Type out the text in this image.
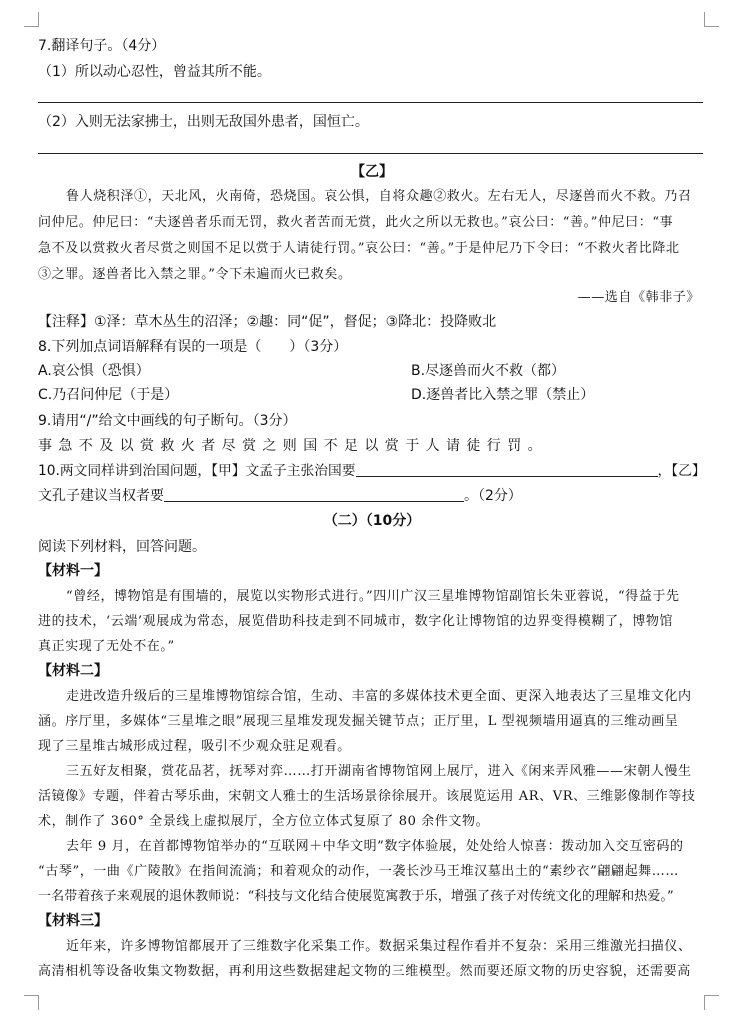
7.翻译句子。（4分）
（1）所以动心忍性，曾益其所不能。
（2）入则无法家拂士，出则无敌国外患者，国恒亡。
【乙】
鲁人烧积泽①，天北风，火南倚，恐烧国。哀公惧，自将众趣②救火。左右无人，尽逐兽而火不救。乃召
问仲尼。仲尼曰：“夫逐兽者乐而无罚，救火者苦而无赏，此火之所以无救也。”哀公曰：“善。”仲尼曰：“事
急不及以赏救火者尽赏之则国不足以赏于人请徒行罚。”哀公曰：“善。”于是仲尼乃下令曰：“不救火者比降北
③之罪。逐兽者比入禁之罪。”令下未遍而火已救矣。
——选自《韩非子》
【注释】①泽：草木丛生的沼泽；②趣：同“促”，督促；③降北：投降败北
8.下列加点词语解释有误的一项是（　　）（3分）
A.哀公惧（恐惧）	B.尽逐兽而火不救（都）
C.乃召问仲尼（于是）	D.逐兽者比入禁之罪（禁止）
9.请用“/”给文中画线的句子断句。（3分）
事急不及以赏救火者尽赏之则国不足以赏于人请徒行罚。
10.两文同样讲到治国问题，【甲】文孟子主张治国要	，【乙】
文孔子建议当权者要	。（2分）
（二）（10分）
阅读下列材料，回答问题。
【材料一】
“曾经，博物馆是有围墙的，展览以实物形式进行。”四川广汉三星堆博物馆副馆长朱亚蓉说，“得益于先
进的技术，‘云端’观展成为常态，展览借助科技走到不同城市，数字化让博物馆的边界变得模糊了，博物馆
真正实现了无处不在。”
【材料二】
走进改造升级后的三星堆博物馆综合馆，生动、丰富的多媒体技术更全面、更深入地表达了三星堆文化内
涵。序厅里，多媒体“三星堆之眼”展现三星堆发现发掘关键节点；正厅里，L 型视频墙用逼真的三维动画呈
现了三星堆古城形成过程，吸引不少观众驻足观看。
三五好友相聚，赏花品茗，抚琴对弈……打开湖南省博物馆网上展厅，进入《闲来弄风雅——宋朝人慢生
活镜像》专题，伴着古琴乐曲，宋朝文人雅士的生活场景徐徐展开。该展览运用 AR、VR、三维影像制作等技
术，制作了 360° 全景线上虚拟展厅，全方位立体式复原了 80 余件文物。
去年 9 月，在首都博物馆举办的“互联网＋中华文明”数字体验展，处处给人惊喜：拨动加入交互密码的
“古琴”，一曲《广陵散》在指间流淌；和着观众的动作，一袭长沙马王堆汉墓出土的“素纱衣”翩翩起舞……
一名带着孩子来观展的退休教师说：“科技与文化结合使展览寓教于乐，增强了孩子对传统文化的理解和热爱。”
【材料三】
近年来，许多博物馆都展开了三维数字化采集工作。数据采集过程作看并不复杂：采用三维激光扫描仪、
高清相机等设备收集文物数据，再利用这些数据建起文物的三维模型。然而要还原文物的历史容貌，还需要高
